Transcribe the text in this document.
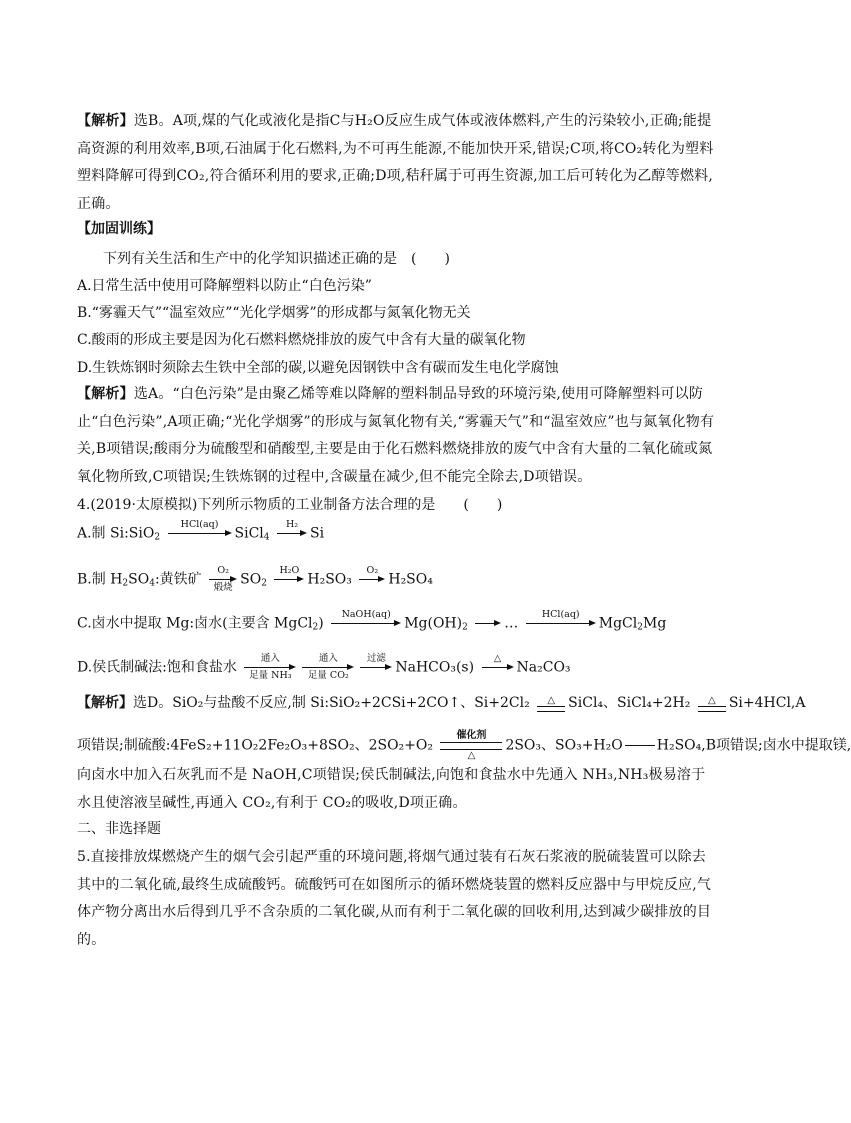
【解析】选B。A项,煤的气化或液化是指C与H₂O反应生成气体或液体燃料,产生的污染较小,正确;能提高资源的利用效率,B项,石油属于化石燃料,为不可再生能源,不能加快开采,错误;C项,将CO₂转化为塑料塑料降解可得到CO₂,符合循环利用的要求,正确;D项,秸秆属于可再生资源,加工后可转化为乙醇等燃料,正确。
【加固训练】
下列有关生活和生产中的化学知识描述正确的是　(　　)
A.日常生活中使用可降解塑料以防止“白色污染”
B.“雾霾天气”“温室效应”“光化学烟雾”的形成都与氮氧化物无关
C.酸雨的形成主要是因为化石燃料燃烧排放的废气中含有大量的碳氧化物
D.生铁炼钢时须除去生铁中全部的碳,以避免因钢铁中含有碳而发生电化学腐蚀
【解析】选A。“白色污染”是由聚乙烯等难以降解的塑料制品导致的环境污染,使用可降解塑料可以防止“白色污染”,A项正确;“光化学烟雾”的形成与氮氧化物有关,“雾霾天气”和“温室效应”也与氮氧化物有关,B项错误;酸雨分为硫酸型和硝酸型,主要是由于化石燃料燃烧排放的废气中含有大量的二氧化硫或氮氧化物所致,C项错误;生铁炼钢的过程中,含碳量在减少,但不能完全除去,D项错误。
4.(2019·太原模拟)下列所示物质的工业制备方法合理的是　　(　　)
A.制 Si:SiO$_2$
HCl(aq)

SiCl$_4$
H₂

Si
B.制 $H_2SO_4$:黄铁矿
O₂
煅烧 $SO_2$
H₂O

H₂SO₃
O₂

H₂SO₄
C.卤水中提取 Mg:卤水(主要含 MgCl$_2$)
NaOH(aq)

$Mg(OH)_2$

	…
HCl(aq)

MgCl$_2$Mg
D.侯氏制碱法:饱和食盐水
通入
足量 NH₃
通入
足量 CO₂
过滤

NaHCO₃(s)
△

Na₂CO₃
【解析】选D。SiO₂与盐酸不反应,制 Si:SiO₂+2CSi+2CO↑、Si+2Cl₂	△ SiCl₄、SiCl₄+2H₂	△ Si+4HCl,A
项错误;制硫酸:4FeS₂+11O₂2Fe₂O₃+8SO₂、2SO₂+O₂
催化剂
△
2SO₃、SO₃+H₂O H₂SO₄,B项错误;卤水中提取镁,
向卤水中加入石灰乳而不是 NaOH,C项错误;侯氏制碱法,向饱和食盐水中先通入 NH₃,NH₃极易溶于水且使溶液呈碱性,再通入 CO₂,有利于 CO₂的吸收,D项正确。
二、非选择题
5.直接排放煤燃烧产生的烟气会引起严重的环境问题,将烟气通过装有石灰石浆液的脱硫装置可以除去其中的二氧化硫,最终生成硫酸钙。硫酸钙可在如图所示的循环燃烧装置的燃料反应器中与甲烷反应,气体产物分离出水后得到几乎不含杂质的二氧化碳,从而有利于二氧化碳的回收利用,达到减少碳排放的目的。
